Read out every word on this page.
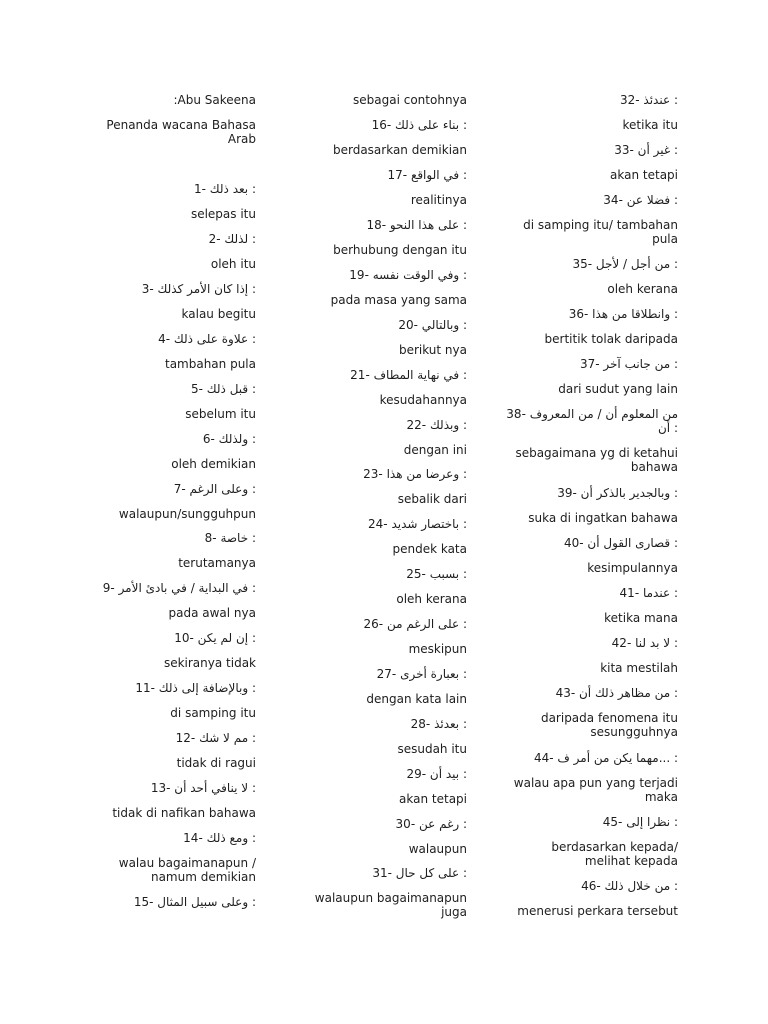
:Abu Sakeena
Penanda wacana Bahasa Arab
1- بعد ذلك :
selepas itu
2- لذلك :
oleh itu
3- إذا كان الأمر كذلك :
kalau begitu
4- علاوة على ذلك :
tambahan pula
5- قبل ذلك :
sebelum itu
6- ولذلك :
oleh demikian
7- وعلى الرغم :
walaupun/sungguhpun
8- خاصة :
terutamanya
9- في البداية / في بادئ الأمر :
pada awal nya
10- إن لم يكن :
sekiranya tidak
11- وبالإضافة إلى ذلك :
di samping itu
12- مم لا شك :
tidak di ragui
13- لا ينافي أحد أن :
tidak di nafikan bahawa
14- ومع ذلك :
walau bagaimanapun / namum demikian
15- وعلى سبيل المثال :
sebagai contohnya
16- بناء على ذلك :
berdasarkan demikian
17- في الواقع :
realitinya
18- على هذا النحو :
berhubung dengan itu
19- وفي الوقت نفسه :
pada masa yang sama
20- وبالتالي :
berikut nya
21- في نهاية المطاف :
kesudahannya
22- وبذلك :
dengan ini
23- وعرضا من هذا :
sebalik dari
24- باختصار شديد :
pendek kata
25- بسبب :
oleh kerana
26- على الرغم من :
meskipun
27- بعبارة أخرى :
dengan kata lain
28- بعدئذ :
sesudah itu
29- بيد أن :
akan tetapi
30- رغم عن :
walaupun
31- على كل حال :
walaupun bagaimanapun juga
32- عندئذ :
ketika itu
33- غير أن :
akan tetapi
34- فضلا عن :
di samping itu/ tambahan pula
35- من أجل / لأجل :
oleh kerana
36- وانطلاقا من هذا :
bertitik tolak daripada
37- من جانب آخر :
dari sudut yang lain
38- من المعلوم أن / من المعروف أن :
sebagaimana yg di ketahui bahawa
39- وبالجدير بالذكر أن :
suka di ingatkan bahawa
40- قصارى القول أن :
kesimpulannya
41- عندما :
ketika mana
42- لا بد لنا :
kita mestilah
43- من مظاهر ذلك أن :
daripada fenomena itu sesungguhnya
44- مهما يكن من أمر ف... :
walau apa pun yang terjadi maka
45- نظرا إلى :
berdasarkan kepada/ melihat kepada
46- من خلال ذلك :
menerusi perkara tersebut
